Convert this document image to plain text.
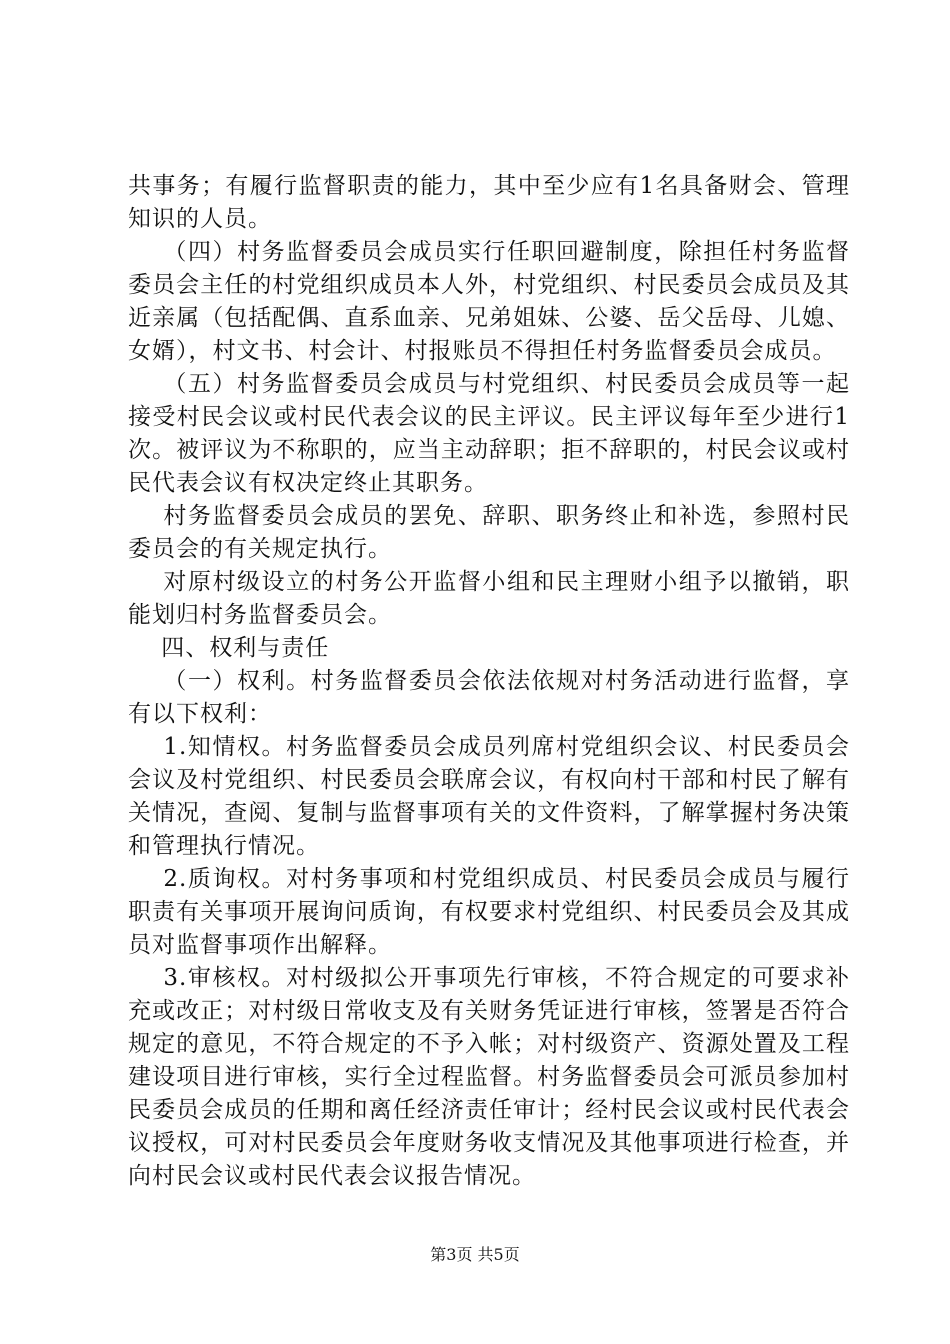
共事务；有履行监督职责的能力，其中至少应有1名具备财会、管理知识的人员。

（四）村务监督委员会成员实行任职回避制度，除担任村务监督委员会主任的村党组织成员本人外，村党组织、村民委员会成员及其近亲属（包括配偶、直系血亲、兄弟姐妹、公婆、岳父岳母、儿媳、女婿），村文书、村会计、村报账员不得担任村务监督委员会成员。

（五）村务监督委员会成员与村党组织、村民委员会成员等一起接受村民会议或村民代表会议的民主评议。民主评议每年至少进行1次。被评议为不称职的，应当主动辞职；拒不辞职的，村民会议或村民代表会议有权决定终止其职务。

村务监督委员会成员的罢免、辞职、职务终止和补选，参照村民委员会的有关规定执行。

对原村级设立的村务公开监督小组和民主理财小组予以撤销，职能划归村务监督委员会。

四、权利与责任

（一）权利。村务监督委员会依法依规对村务活动进行监督，享有以下权利：

1.知情权。村务监督委员会成员列席村党组织会议、村民委员会会议及村党组织、村民委员会联席会议，有权向村干部和村民了解有关情况，查阅、复制与监督事项有关的文件资料，了解掌握村务决策和管理执行情况。

2.质询权。对村务事项和村党组织成员、村民委员会成员与履行职责有关事项开展询问质询，有权要求村党组织、村民委员会及其成员对监督事项作出解释。

3.审核权。对村级拟公开事项先行审核，不符合规定的可要求补充或改正；对村级日常收支及有关财务凭证进行审核，签署是否符合规定的意见，不符合规定的不予入帐；对村级资产、资源处置及工程建设项目进行审核，实行全过程监督。村务监督委员会可派员参加村民委员会成员的任期和离任经济责任审计；经村民会议或村民代表会议授权，可对村民委员会年度财务收支情况及其他事项进行检查，并向村民会议或村民代表会议报告情况。

第3页 共5页
